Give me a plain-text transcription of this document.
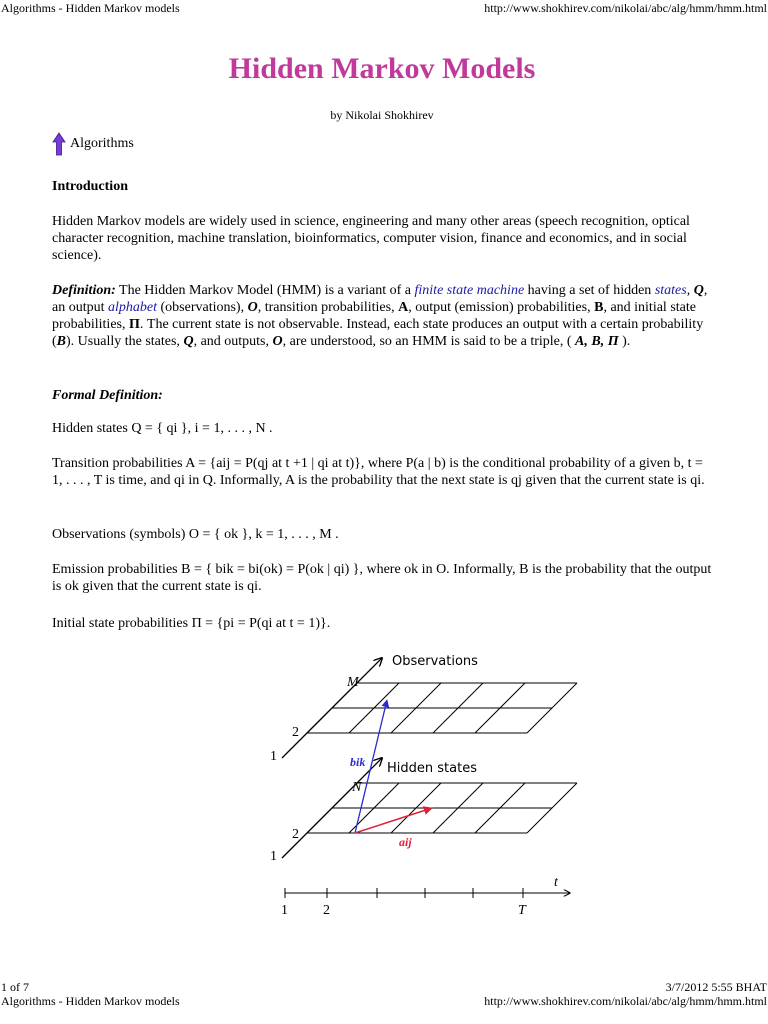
Algorithms - Hidden Markov models	http://www.shokhirev.com/nikolai/abc/alg/hmm/hmm.html
Hidden Markov Models
by Nikolai Shokhirev
Algorithms

Introduction

Hidden Markov models are widely used in science, engineering and many other areas (speech recognition, optical character recognition, machine translation, bioinformatics, computer vision, finance and economics, and in social science).

Definition: The Hidden Markov Model (HMM) is a variant of a finite state machine having a set of hidden states, Q, an output alphabet (observations), O, transition probabilities, A, output (emission) probabilities, B, and initial state probabilities, Π. The current state is not observable. Instead, each state produces an output with a certain probability (B). Usually the states, Q, and outputs, O, are understood, so an HMM is said to be a triple, ( A, B, Π ).

Formal Definition:

Hidden states Q = { qi }, i = 1, . . . , N .

Transition probabilities A = {aij = P(qj at t +1 | qi at t)}, where P(a | b) is the conditional probability of a given b, t = 1, . . . , T is time, and qi in Q. Informally, A is the probability that the next state is qj given that the current state is qi.

Observations (symbols) O = { ok }, k = 1, . . . , M .

Emission probabilities B = { bik = bi(ok) = P(ok | qi) }, where ok in O. Informally, B is the probability that the output is ok given that the current state is qi.

Initial state probabilities Π = {pi = P(qi at t = 1)}.

Observations
Hidden states
M
2
1
N
2
1
bik
aij
t
1	2	T
1 of 7	3/7/2012 5:55 BHAT
Algorithms - Hidden Markov models	http://www.shokhirev.com/nikolai/abc/alg/hmm/hmm.html
